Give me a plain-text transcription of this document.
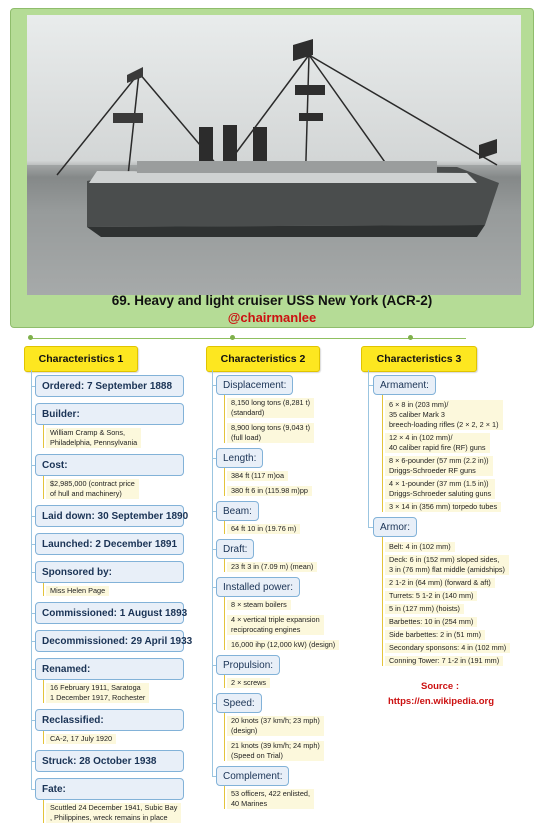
69. Heavy and light cruiser USS New York (ACR-2)
@chairmanlee
Characteristics 1
Ordered: 7 September 1888
Builder:
William Cramp & Sons,
Philadelphia, Pennsylvania
Cost:
$2,985,000 (contract price
of hull and machinery)
Laid down: 30 September 1890
Launched: 2 December 1891
Sponsored by:
Miss Helen Page
Commissioned: 1 August 1893
Decommissioned: 29 April 1933
Renamed:
16 February 1911, Saratoga
1 December 1917, Rochester
Reclassified:
CA-2, 17 July 1920
Struck: 28 October 1938
Fate:
Scuttled 24 December 1941, Subic Bay
, Philippines, wreck remains in place
Characteristics 2
Displacement:
8,150 long tons (8,281 t)
(standard)
8,900 long tons (9,043 t)
(full load)
Length:
384 ft (117 m)oa
380 ft 6 in (115.98 m)pp
Beam:
64 ft 10 in (19.76 m)
Draft:
23 ft 3 in (7.09 m) (mean)
Installed power:
8 × steam boilers
4 × vertical triple expansion
reciprocating engines
16,000 ihp (12,000 kW) (design)
Propulsion:
2 × screws
Speed:
20 knots (37 km/h; 23 mph)
(design)
21 knots (39 km/h; 24 mph)
(Speed on Trial)
Complement:
53 officers, 422 enlisted,
40 Marines
Characteristics 3
Armament:
6 × 8 in (203 mm)/
35 caliber Mark 3
breech-loading rifles (2 × 2, 2 × 1)
12 × 4 in (102 mm)/
40 caliber rapid fire (RF) guns
8 × 6-pounder (57 mm (2.2 in))
Driggs-Schroeder RF guns
4 × 1-pounder (37 mm (1.5 in))
Driggs-Schroeder saluting guns
3 × 14 in (356 mm) torpedo tubes
Armor:
Belt: 4 in (102 mm)
Deck: 6 in (152 mm) sloped sides,
3 in (76 mm) flat middle (amidships)
2 1-2 in (64 mm) (forward & aft)
Turrets: 5 1-2 in (140 mm)
5 in (127 mm) (hoists)
Barbettes: 10 in (254 mm)
Side barbettes: 2 in (51 mm)
Secondary sponsons: 4 in (102 mm)
Conning Tower: 7 1-2 in (191 mm)
Source :
https://en.wikipedia.org
